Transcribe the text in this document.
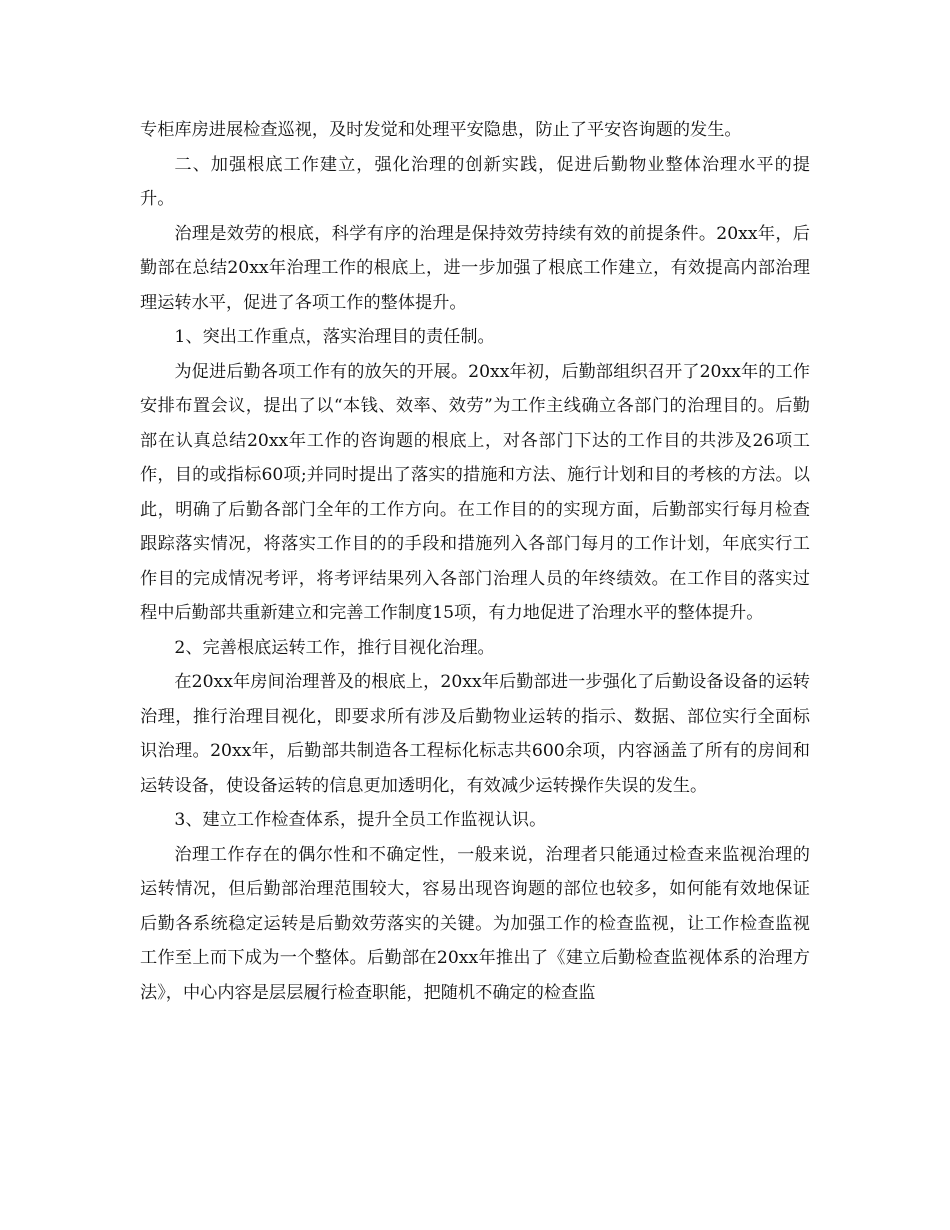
专柜库房进展检查巡视，及时发觉和处理平安隐患，防止了平安咨询题的发生。

二、加强根底工作建立，强化治理的创新实践，促进后勤物业整体治理水平的提升。

治理是效劳的根底，科学有序的治理是保持效劳持续有效的前提条件。20xx年，后勤部在总结20xx年治理工作的根底上，进一步加强了根底工作建立，有效提高内部治理理运转水平，促进了各项工作的整体提升。

1、突出工作重点，落实治理目的责任制。

为促进后勤各项工作有的放矢的开展。20xx年初，后勤部组织召开了20xx年的工作安排布置会议，提出了以“本钱、效率、效劳”为工作主线确立各部门的治理目的。后勤部在认真总结20xx年工作的咨询题的根底上，对各部门下达的工作目的共涉及26项工作，目的或指标60项;并同时提出了落实的措施和方法、施行计划和目的考核的方法。以此，明确了后勤各部门全年的工作方向。在工作目的的实现方面，后勤部实行每月检查跟踪落实情况，将落实工作目的的手段和措施列入各部门每月的工作计划，年底实行工作目的完成情况考评，将考评结果列入各部门治理人员的年终绩效。在工作目的落实过程中后勤部共重新建立和完善工作制度15项，有力地促进了治理水平的整体提升。

2、完善根底运转工作，推行目视化治理。

在20xx年房间治理普及的根底上，20xx年后勤部进一步强化了后勤设备设备的运转治理，推行治理目视化，即要求所有涉及后勤物业运转的指示、数据、部位实行全面标识治理。20xx年，后勤部共制造各工程标化标志共600余项，内容涵盖了所有的房间和运转设备，使设备运转的信息更加透明化，有效减少运转操作失误的发生。

3、建立工作检查体系，提升全员工作监视认识。

治理工作存在的偶尔性和不确定性，一般来说，治理者只能通过检查来监视治理的运转情况，但后勤部治理范围较大，容易出现咨询题的部位也较多，如何能有效地保证后勤各系统稳定运转是后勤效劳落实的关键。为加强工作的检查监视，让工作检查监视工作至上而下成为一个整体。后勤部在20xx年推出了《建立后勤检查监视体系的治理方法》，中心内容是层层履行检查职能，把随机不确定的检查监
